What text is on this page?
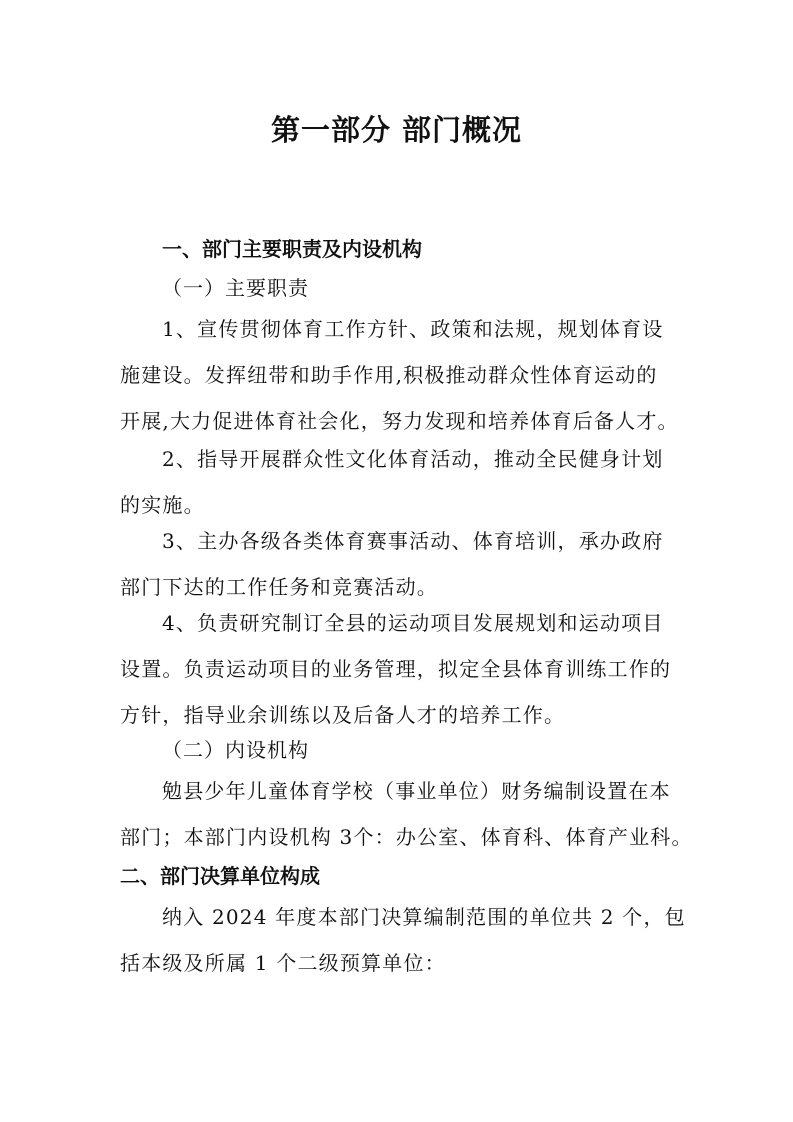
第一部分 部门概况
一、部门主要职责及内设机构
（一）主要职责
1、宣传贯彻体育工作方针、政策和法规，规划体育设
施建设。发挥纽带和助手作用,积极推动群众性体育运动的
开展,大力促进体育社会化，努力发现和培养体育后备人才。
2、指导开展群众性文化体育活动，推动全民健身计划
的实施。
3、主办各级各类体育赛事活动、体育培训，承办政府
部门下达的工作任务和竞赛活动。
4、负责研究制订全县的运动项目发展规划和运动项目
设置。负责运动项目的业务管理，拟定全县体育训练工作的
方针，指导业余训练以及后备人才的培养工作。
（二）内设机构
勉县少年儿童体育学校（事业单位）财务编制设置在本
部门；本部门内设机构 3个：办公室、体育科、体育产业科。
二、部门决算单位构成
纳入 2024 年度本部门决算编制范围的单位共 2 个，包
括本级及所属 1 个二级预算单位：
